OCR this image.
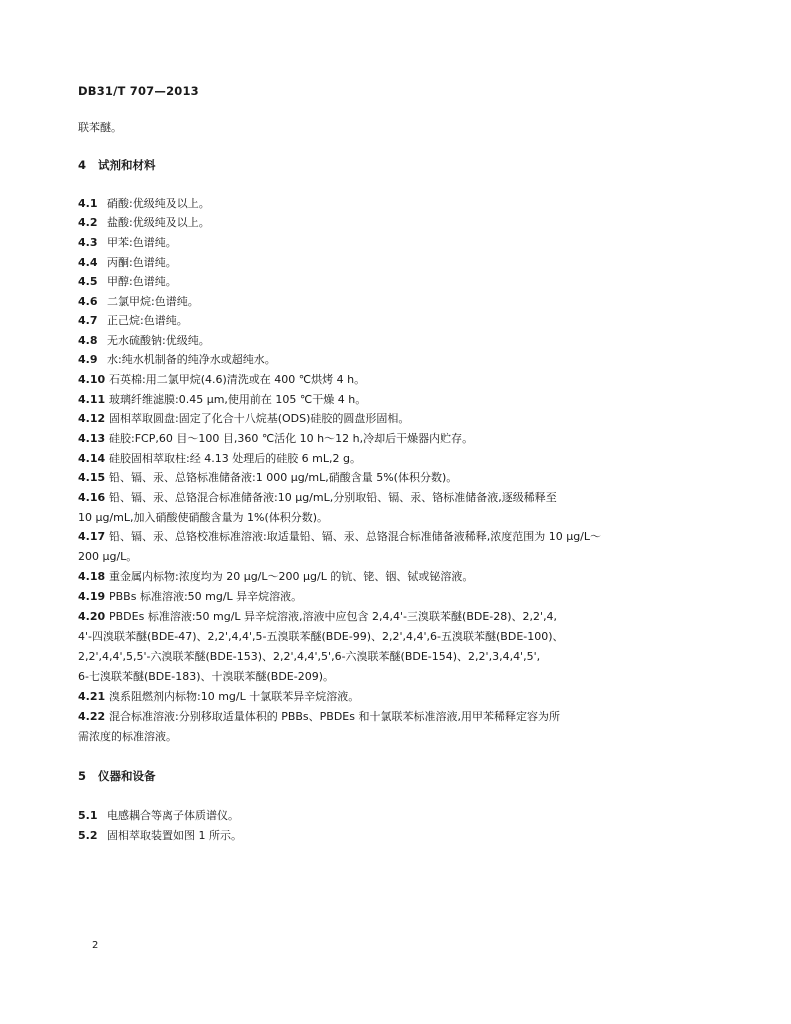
DB31/T 707—2013
联苯醚。
4 试剂和材料
4.1 硝酸:优级纯及以上。
4.2 盐酸:优级纯及以上。
4.3 甲苯:色谱纯。
4.4 丙酮:色谱纯。
4.5 甲醇:色谱纯。
4.6 二氯甲烷:色谱纯。
4.7 正己烷:色谱纯。
4.8 无水硫酸钠:优级纯。
4.9 水:纯水机制备的纯净水或超纯水。
4.10 石英棉:用二氯甲烷(4.6)清洗或在 400 ℃烘烤 4 h。
4.11 玻璃纤维滤膜:0.45 μm,使用前在 105 ℃干燥 4 h。
4.12 固相萃取圆盘:固定了化合十八烷基(ODS)硅胶的圆盘形固相。
4.13 硅胶:FCP,60 目～100 目,360 ℃活化 10 h～12 h,冷却后干燥器内贮存。
4.14 硅胶固相萃取柱:经 4.13 处理后的硅胶 6 mL,2 g。
4.15 铅、镉、汞、总铬标准储备液:1 000 μg/mL,硝酸含量 5%(体积分数)。
4.16 铅、镉、汞、总铬混合标准储备液:10 μg/mL,分别取铅、镉、汞、铬标准储备液,逐级稀释至
10 μg/mL,加入硝酸使硝酸含量为 1%(体积分数)。
4.17 铅、镉、汞、总铬校准标准溶液:取适量铅、镉、汞、总铬混合标准储备液稀释,浓度范围为 10 μg/L～
200 μg/L。
4.18 重金属内标物:浓度均为 20 μg/L～200 μg/L 的钪、铑、铟、铽或铋溶液。
4.19 PBBs 标准溶液:50 mg/L 异辛烷溶液。
4.20 PBDEs 标准溶液:50 mg/L 异辛烷溶液,溶液中应包含 2,4,4'-三溴联苯醚(BDE-28)、2,2',4,
4'-四溴联苯醚(BDE-47)、2,2',4,4',5-五溴联苯醚(BDE-99)、2,2',4,4',6-五溴联苯醚(BDE-100)、
2,2',4,4',5,5'-六溴联苯醚(BDE-153)、2,2',4,4',5',6-六溴联苯醚(BDE-154)、2,2',3,4,4',5',
6-七溴联苯醚(BDE-183)、十溴联苯醚(BDE-209)。
4.21 溴系阻燃剂内标物:10 mg/L 十氯联苯异辛烷溶液。
4.22 混合标准溶液:分别移取适量体积的 PBBs、PBDEs 和十氯联苯标准溶液,用甲苯稀释定容为所
需浓度的标准溶液。
5 仪器和设备
5.1 电感耦合等离子体质谱仪。
5.2 固相萃取装置如图 1 所示。
2
